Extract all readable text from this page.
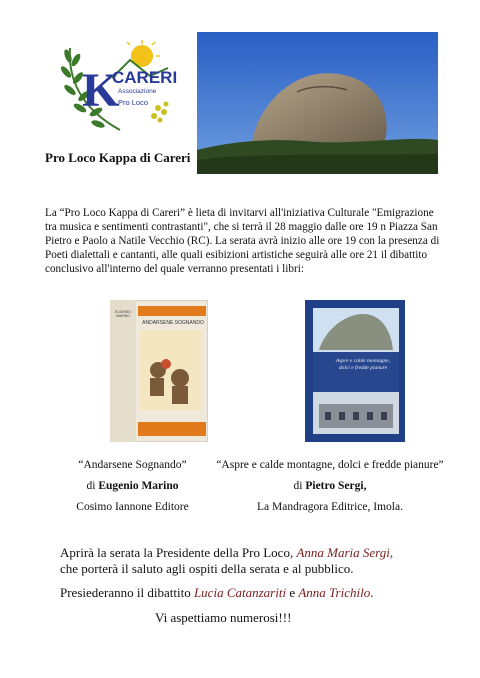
K
CARERI
Associazione
Pro Loco
Pro Loco Kappa di Careri
La “Pro Loco Kappa di Careri” è lieta di invitarvi all'iniziativa Culturale "Emigrazione tra musica e sentimenti contrastanti", che si terrà il 28 maggio dalle ore 19 n Piazza San Pietro e Paolo a Natile Vecchio (RC). La serata avrà inizio alle ore 19 con la presenza di Poeti dialettali e cantanti, alle quali esibizioni artistiche seguirà alle ore 21 il dibattito conclusivo all'interno del quale verranno presentati i libri:
ANDARSENE SOGNANDO
EUGENIO MARINO
Aspre e calde montagne, dolci e fredde pianure
“Andarsene Sognando”
di Eugenio Marino
Cosimo Iannone Editore
“Aspre e calde montagne, dolci e fredde pianure”
di Pietro Sergi,
La Mandragora Editrice, Imola.
Aprirà la serata la Presidente della Pro Loco, Anna Maria Sergi,
che porterà il saluto agli ospiti della serata e al pubblico.
Presiederanno il dibattito Lucia Catanzariti e Anna Trichilo.
Vi aspettiamo numerosi!!!
